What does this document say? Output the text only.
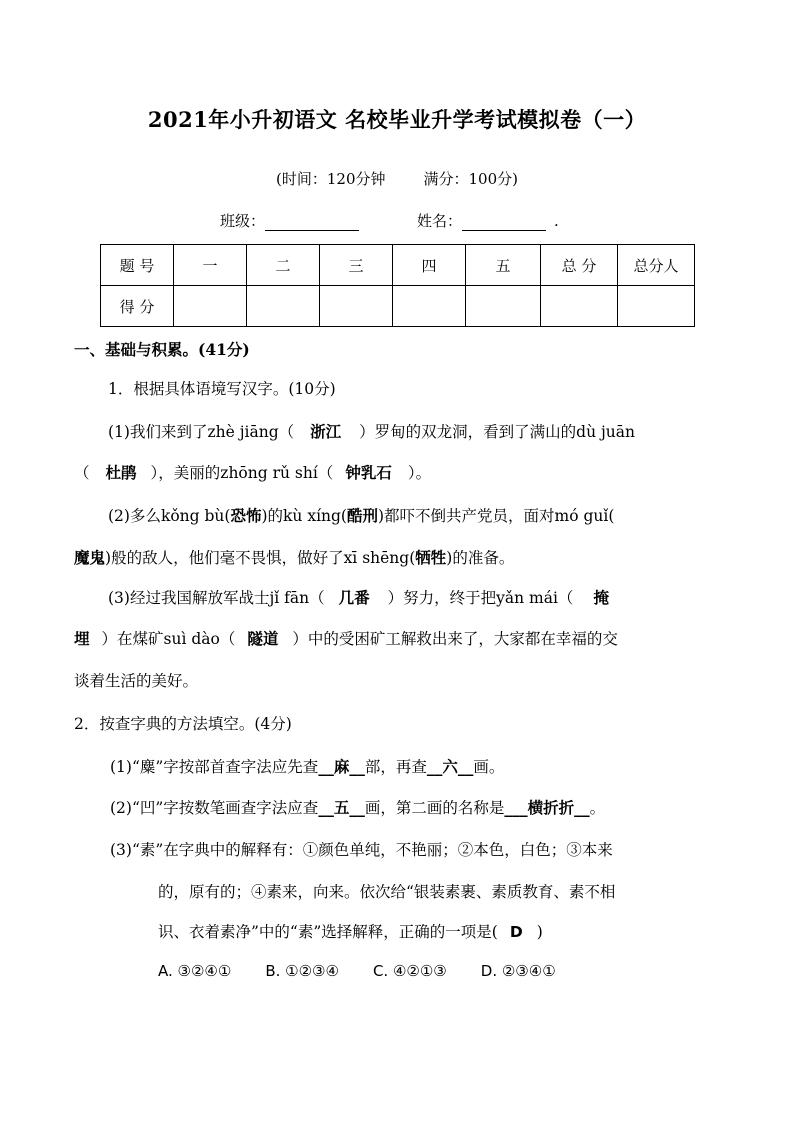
2021年小升初语文 名校毕业升学考试模拟卷（一）
(时间：120分钟	满分：100分)
班级：	姓名：	.
题 号	一	二	三	四	五	总 分	总分人
得 分							
一、基础与积累。(41分)
1．根据具体语境写汉字。(10分)
(1)我们来到了zhè jiāng（ 浙江 ）罗甸的双龙洞，看到了满山的dù juān
（ 杜鹃 ），美丽的zhōng rǔ shí（ 钟乳石 ）。
(2)多么kǒng bù(恐怖)的kù xíng(酷刑)都吓不倒共产党员，面对mó guǐ(
魔鬼)般的敌人，他们毫不畏惧，做好了xī shēng(牺牲)的准备。
(3)经过我国解放军战士jǐ fān（ 几番 ）努力，终于把yǎn mái（ 掩
埋 ）在煤矿suì dào（ 隧道 ）中的受困矿工解救出来了，大家都在幸福的交
谈着生活的美好。
2．按查字典的方法填空。(4分)
(1)“麋”字按部首查字法应先查__麻__部，再查__六__画。
(2)“凹”字按数笔画查字法应查__五__画，第二画的名称是___横折折__。
(3)“素”在字典中的解释有：①颜色单纯，不艳丽；②本色，白色；③本来
的，原有的；④素来，向来。依次给“银装素裹、素质教育、素不相
识、衣着素净”中的“素”选择解释，正确的一项是( D )
A. ③②④① B. ①②③④ C. ④②①③ D. ②③④①
